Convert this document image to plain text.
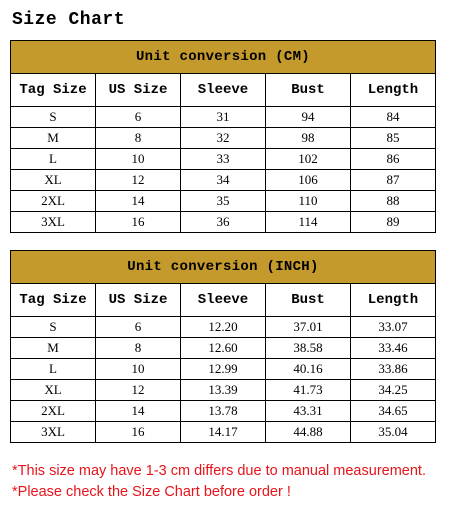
Size Chart
Unit conversion (CM)				
Tag Size	US Size	Sleeve	Bust	Length
S	6	31	94	84
M	8	32	98	85
L	10	33	102	86
XL	12	34	106	87
2XL	14	35	110	88
3XL	16	36	114	89
Unit conversion (INCH)				
Tag Size	US Size	Sleeve	Bust	Length
S	6	12.20	37.01	33.07
M	8	12.60	38.58	33.46
L	10	12.99	40.16	33.86
XL	12	13.39	41.73	34.25
2XL	14	13.78	43.31	34.65
3XL	16	14.17	44.88	35.04
*This size may have 1-3 cm differs due to manual measurement.
*Please check the Size Chart before order !
